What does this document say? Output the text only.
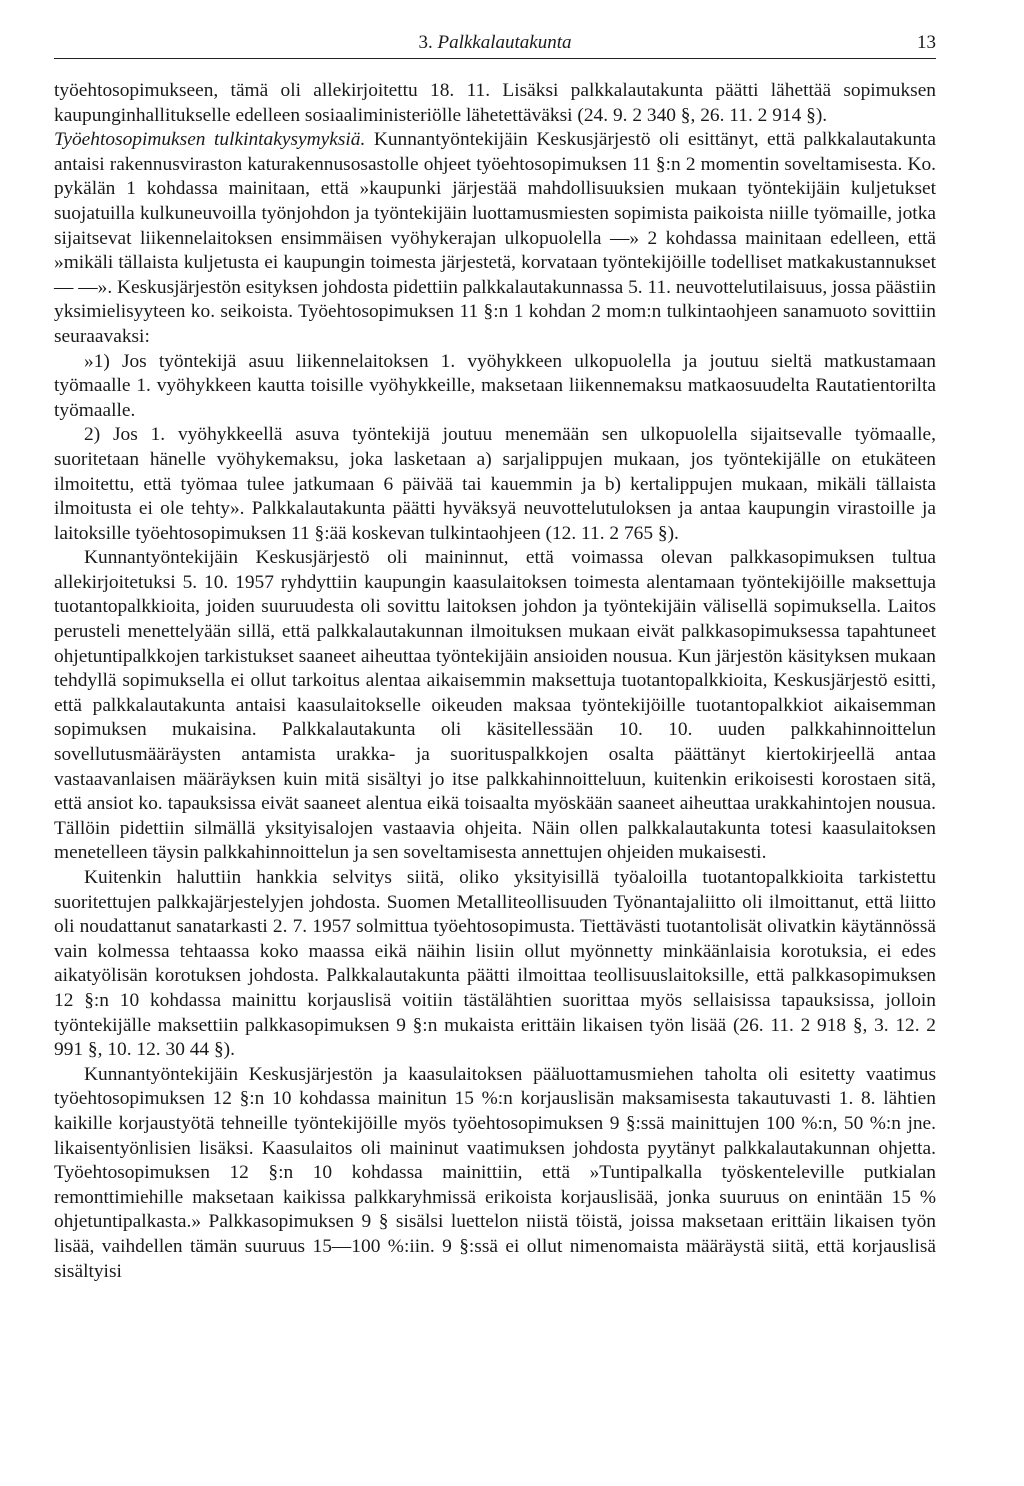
3. Palkkalautakunta	13

työehtosopimukseen, tämä oli allekirjoitettu 18. 11. Lisäksi palkkalautakunta päätti lähettää sopimuksen kaupunginhallitukselle edelleen sosiaaliministeriölle lähetettäväksi (24. 9. 2 340 §, 26. 11. 2 914 §).

Työehtosopimuksen tulkintakysymyksiä. Kunnantyöntekijäin Keskusjärjestö oli esittänyt, että palkkalautakunta antaisi rakennusviraston katurakennusosastolle ohjeet työehtosopimuksen 11 §:n 2 momentin soveltamisesta. Ko. pykälän 1 kohdassa mainitaan, että »kaupunki järjestää mahdollisuuksien mukaan työntekijäin kuljetukset suojatuilla kulkuneuvoilla työnjohdon ja työntekijäin luottamusmiesten sopimista paikoista niille työmaille, jotka sijaitsevat liikennelaitoksen ensimmäisen vyöhykerajan ulkopuolella —» 2 kohdassa mainitaan edelleen, että »mikäli tällaista kuljetusta ei kaupungin toimesta järjestetä, korvataan työntekijöille todelliset matkakustannukset — —». Keskusjärjestön esityksen johdosta pidettiin palkkalautakunnassa 5. 11. neuvottelutilaisuus, jossa päästiin yksimielisyyteen ko. seikoista. Työehtosopimuksen 11 §:n 1 kohdan 2 mom:n tulkintaohjeen sanamuoto sovittiin seuraavaksi:

»1) Jos työntekijä asuu liikennelaitoksen 1. vyöhykkeen ulkopuolella ja joutuu sieltä matkustamaan työmaalle 1. vyöhykkeen kautta toisille vyöhykkeille, maksetaan liikennemaksu matkaosuudelta Rautatientorilta työmaalle.

2) Jos 1. vyöhykkeellä asuva työntekijä joutuu menemään sen ulkopuolella sijaitsevalle työmaalle, suoritetaan hänelle vyöhykemaksu, joka lasketaan a) sarjalippujen mukaan, jos työntekijälle on etukäteen ilmoitettu, että työmaa tulee jatkumaan 6 päivää tai kauemmin ja b) kertalippujen mukaan, mikäli tällaista ilmoitusta ei ole tehty». Palkkalautakunta päätti hyväksyä neuvottelutuloksen ja antaa kaupungin virastoille ja laitoksille työehtosopimuksen 11 §:ää koskevan tulkintaohjeen (12. 11. 2 765 §).

Kunnantyöntekijäin Keskusjärjestö oli maininnut, että voimassa olevan palkkasopimuksen tultua allekirjoitetuksi 5. 10. 1957 ryhdyttiin kaupungin kaasulaitoksen toimesta alentamaan työntekijöille maksettuja tuotantopalkkioita, joiden suuruudesta oli sovittu laitoksen johdon ja työntekijäin välisellä sopimuksella. Laitos perusteli menettelyään sillä, että palkkalautakunnan ilmoituksen mukaan eivät palkkasopimuksessa tapahtuneet ohjetuntipalkkojen tarkistukset saaneet aiheuttaa työntekijäin ansioiden nousua. Kun järjestön käsityksen mukaan tehdyllä sopimuksella ei ollut tarkoitus alentaa aikaisemmin maksettuja tuotantopalkkioita, Keskusjärjestö esitti, että palkkalautakunta antaisi kaasulaitokselle oikeuden maksaa työntekijöille tuotantopalkkiot aikaisemman sopimuksen mukaisina. Palkkalautakunta oli käsitellessään 10. 10. uuden palkkahinnoittelun sovellutusmääräysten antamista urakka- ja suorituspalkkojen osalta päättänyt kiertokirjeellä antaa vastaavanlaisen määräyksen kuin mitä sisältyi jo itse palkkahinnoitteluun, kuitenkin erikoisesti korostaen sitä, että ansiot ko. tapauksissa eivät saaneet alentua eikä toisaalta myöskään saaneet aiheuttaa urakkahintojen nousua. Tällöin pidettiin silmällä yksityisalojen vastaavia ohjeita. Näin ollen palkkalautakunta totesi kaasulaitoksen menetelleen täysin palkkahinnoittelun ja sen soveltamisesta annettujen ohjeiden mukaisesti.

Kuitenkin haluttiin hankkia selvitys siitä, oliko yksityisillä työaloilla tuotantopalkkioita tarkistettu suoritettujen palkkajärjestelyjen johdosta. Suomen Metalliteollisuuden Työnantajaliitto oli ilmoittanut, että liitto oli noudattanut sanatarkasti 2. 7. 1957 solmittua työehtosopimusta. Tiettävästi tuotantolisät olivatkin käytännössä vain kolmessa tehtaassa koko maassa eikä näihin lisiin ollut myönnetty minkäänlaisia korotuksia, ei edes aikatyölisän korotuksen johdosta. Palkkalautakunta päätti ilmoittaa teollisuuslaitoksille, että palkkasopimuksen 12 §:n 10 kohdassa mainittu korjauslisä voitiin tästälähtien suorittaa myös sellaisissa tapauksissa, jolloin työntekijälle maksettiin palkkasopimuksen 9 §:n mukaista erittäin likaisen työn lisää (26. 11. 2 918 §, 3. 12. 2 991 §, 10. 12. 30 44 §).

Kunnantyöntekijäin Keskusjärjestön ja kaasulaitoksen pääluottamusmiehen taholta oli esitetty vaatimus työehtosopimuksen 12 §:n 10 kohdassa mainitun 15 %:n korjauslisän maksamisesta takautuvasti 1. 8. lähtien kaikille korjaustyötä tehneille työntekijöille myös työehtosopimuksen 9 §:ssä mainittujen 100 %:n, 50 %:n jne. likaisentyönlisien lisäksi. Kaasulaitos oli maininut vaatimuksen johdosta pyytänyt palkkalautakunnan ohjetta. Työehtosopimuksen 12 §:n 10 kohdassa mainittiin, että »Tuntipalkalla työskenteleville putkialan remonttimiehille maksetaan kaikissa palkkaryhmissä erikoista korjauslisää, jonka suuruus on enintään 15 % ohjetuntipalkasta.» Palkkasopimuksen 9 § sisälsi luettelon niistä töistä, joissa maksetaan erittäin likaisen työn lisää, vaihdellen tämän suuruus 15—100 %:iin. 9 §:ssä ei ollut nimenomaista määräystä siitä, että korjauslisä sisältyisi
